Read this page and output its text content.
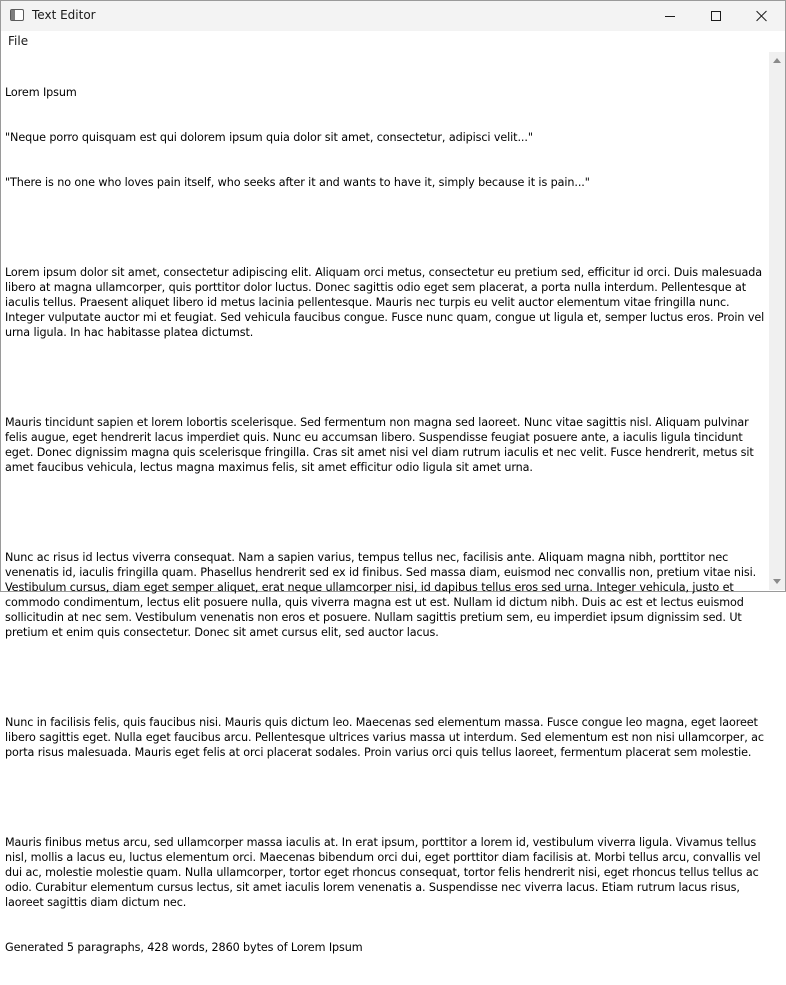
Text Editor
File

Lorem Ipsum

"Neque porro quisquam est qui dolorem ipsum quia dolor sit amet, consectetur, adipisci velit..."

"There is no one who loves pain itself, who seeks after it and wants to have it, simply because it is pain..."

Lorem ipsum dolor sit amet, consectetur adipiscing elit. Aliquam orci metus, consectetur eu pretium sed, efficitur id orci. Duis malesuada libero at magna ullamcorper, quis porttitor dolor luctus. Donec sagittis odio eget sem placerat, a porta nulla interdum. Pellentesque at iaculis tellus. Praesent aliquet libero id metus lacinia pellentesque. Mauris nec turpis eu velit auctor elementum vitae fringilla nunc. Integer vulputate auctor mi et feugiat. Sed vehicula faucibus congue. Fusce nunc quam, congue ut ligula et, semper luctus eros. Proin vel urna ligula. In hac habitasse platea dictumst.

Mauris tincidunt sapien et lorem lobortis scelerisque. Sed fermentum non magna sed laoreet. Nunc vitae sagittis nisl. Aliquam pulvinar felis augue, eget hendrerit lacus imperdiet quis. Nunc eu accumsan libero. Suspendisse feugiat posuere ante, a iaculis ligula tincidunt eget. Donec dignissim magna quis scelerisque fringilla. Cras sit amet nisi vel diam rutrum iaculis et nec velit. Fusce hendrerit, metus sit amet faucibus vehicula, lectus magna maximus felis, sit amet efficitur odio ligula sit amet urna.

Nunc ac risus id lectus viverra consequat. Nam a sapien varius, tempus tellus nec, facilisis ante. Aliquam magna nibh, porttitor nec venenatis id, iaculis fringilla quam. Phasellus hendrerit sed ex id finibus. Sed massa diam, euismod nec convallis non, pretium vitae nisi. Vestibulum cursus, diam eget semper aliquet, erat neque ullamcorper nisi, id dapibus tellus eros sed urna. Integer vehicula, justo et commodo condimentum, lectus elit posuere nulla, quis viverra magna est ut est. Nullam id dictum nibh. Duis ac est et lectus euismod sollicitudin at nec sem. Vestibulum venenatis non eros et posuere. Nullam sagittis pretium sem, eu imperdiet ipsum dignissim sed. Ut pretium et enim quis consectetur. Donec sit amet cursus elit, sed auctor lacus.

Nunc in facilisis felis, quis faucibus nisi. Mauris quis dictum leo. Maecenas sed elementum massa. Fusce congue leo magna, eget laoreet libero sagittis eget. Nulla eget faucibus arcu. Pellentesque ultrices varius massa ut interdum. Sed elementum est non nisi ullamcorper, ac porta risus malesuada. Mauris eget felis at orci placerat sodales. Proin varius orci quis tellus laoreet, fermentum placerat sem molestie.

Mauris finibus metus arcu, sed ullamcorper massa iaculis at. In erat ipsum, porttitor a lorem id, vestibulum viverra ligula. Vivamus tellus nisl, mollis a lacus eu, luctus elementum orci. Maecenas bibendum orci dui, eget porttitor diam facilisis at. Morbi tellus arcu, convallis vel dui ac, molestie molestie quam. Nulla ullamcorper, tortor eget rhoncus consequat, tortor felis hendrerit nisi, eget rhoncus tellus tellus ac odio. Curabitur elementum cursus lectus, sit amet iaculis lorem venenatis a. Suspendisse nec viverra lacus. Etiam rutrum lacus risus, laoreet sagittis diam dictum nec.

Generated 5 paragraphs, 428 words, 2860 bytes of Lorem Ipsum
